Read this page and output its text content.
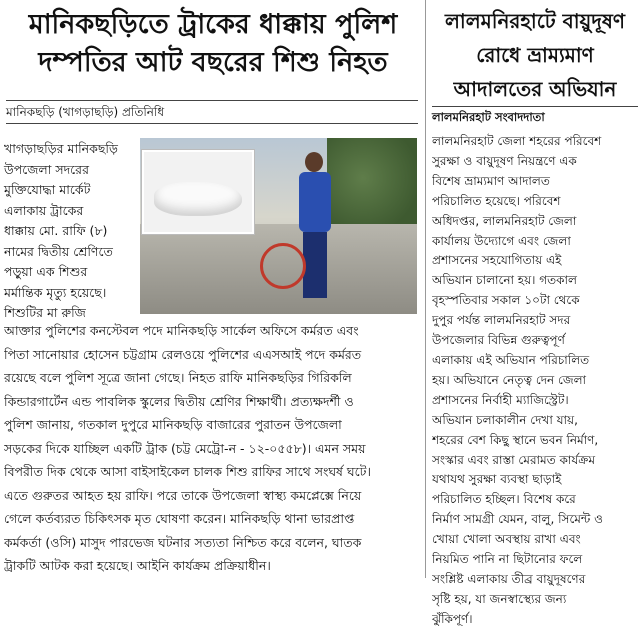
মানিকছড়িতে ট্রাকের ধাক্কায় পুলিশ
দম্পতির আট বছরের শিশু নিহত
মানিকছড়ি (খাগড়াছড়ি) প্রতিনিধি
খাগড়াছড়ির মানিকছড়ি
উপজেলা সদরের
মুক্তিযোদ্ধা মার্কেট
এলাকায় ট্রাকের
ধাক্কায় মো. রাফি (৮)
নামের দ্বিতীয় শ্রেণিতে
পড়ুয়া এক শিশুর
মর্মান্তিক মৃত্যু হয়েছে।
শিশুটির মা রুজি
আক্তার পুলিশের কনস্টেবল পদে মানিকছড়ি সার্কেল অফিসে কর্মরত এবং
পিতা সানোয়ার হোসেন চট্টগ্রাম রেলওয়ে পুলিশের এএসআই পদে কর্মরত
রয়েছে বলে পুলিশ সূত্রে জানা গেছে। নিহত রাফি মানিকছড়ির গিরিকলি
কিন্ডারগার্টেন এন্ড পাবলিক স্কুলের দ্বিতীয় শ্রেণির শিক্ষার্থী। প্রত্যক্ষদর্শী ও
পুলিশ জানায়, গতকাল দুপুরে মানিকছড়ি বাজারের পুরাতন উপজেলা
সড়কের দিকে যাচ্ছিল একটি ট্রাক (চট্ট মেট্রো-ন - ১২-০৫৫৮)। এমন সময়
বিপরীত দিক থেকে আসা বাইসাইকেল চালক শিশু রাফির সাথে সংঘর্ষ ঘটে।
এতে গুরুতর আহত হয় রাফি। পরে তাকে উপজেলা স্বাস্থ্য কমপ্লেক্সে নিয়ে
গেলে কর্তব্যরত চিকিৎসক মৃত ঘোষণা করেন। মানিকছড়ি থানা ভারপ্রাপ্ত
কর্মকর্তা (ওসি) মাসুদ পারভেজ ঘটনার সত্যতা নিশ্চিত করে বলেন, ঘাতক
ট্রাকটি আটক করা হয়েছে। আইনি কার্যক্রম প্রক্রিয়াধীন।
লালমনিরহাটে বায়ুদূষণ
রোধে ভ্রাম্যমাণ
আদালতের অভিযান
লালমনিরহাট সংবাদদাতা
লালমনিরহাট জেলা শহরের পরিবেশ
সুরক্ষা ও বায়ুদূষণ নিয়ন্ত্রণে এক
বিশেষ ভ্রাম্যমাণ আদালত
পরিচালিত হয়েছে। পরিবেশ
অধিদপ্তর, লালমনিরহাট জেলা
কার্যালয় উদ্যোগে এবং জেলা
প্রশাসনের সহযোগিতায় এই
অভিযান চালানো হয়। গতকাল
বৃহস্পতিবার সকাল ১০টা থেকে
দুপুর পর্যন্ত লালমনিরহাট সদর
উপজেলার বিভিন্ন গুরুত্বপূর্ণ
এলাকায় এই অভিযান পরিচালিত
হয়। অভিযানে নেতৃত্ব দেন জেলা
প্রশাসনের নির্বাহী ম্যাজিস্ট্রেট।
অভিযান চলাকালীন দেখা যায়,
শহরের বেশ কিছু স্থানে ভবন নির্মাণ,
সংস্কার এবং রাস্তা মেরামত কার্যক্রম
যথাযথ সুরক্ষা ব্যবস্থা ছাড়াই
পরিচালিত হচ্ছিল। বিশেষ করে
নির্মাণ সামগ্রী যেমন, বালু, সিমেন্ট ও
খোয়া খোলা অবস্থায় রাখা এবং
নিয়মিত পানি না ছিটানোর ফলে
সংশ্লিষ্ট এলাকায় তীব্র বায়ুদূষণের
সৃষ্টি হয়, যা জনস্বাস্থ্যের জন্য
ঝুঁকিপূর্ণ।
